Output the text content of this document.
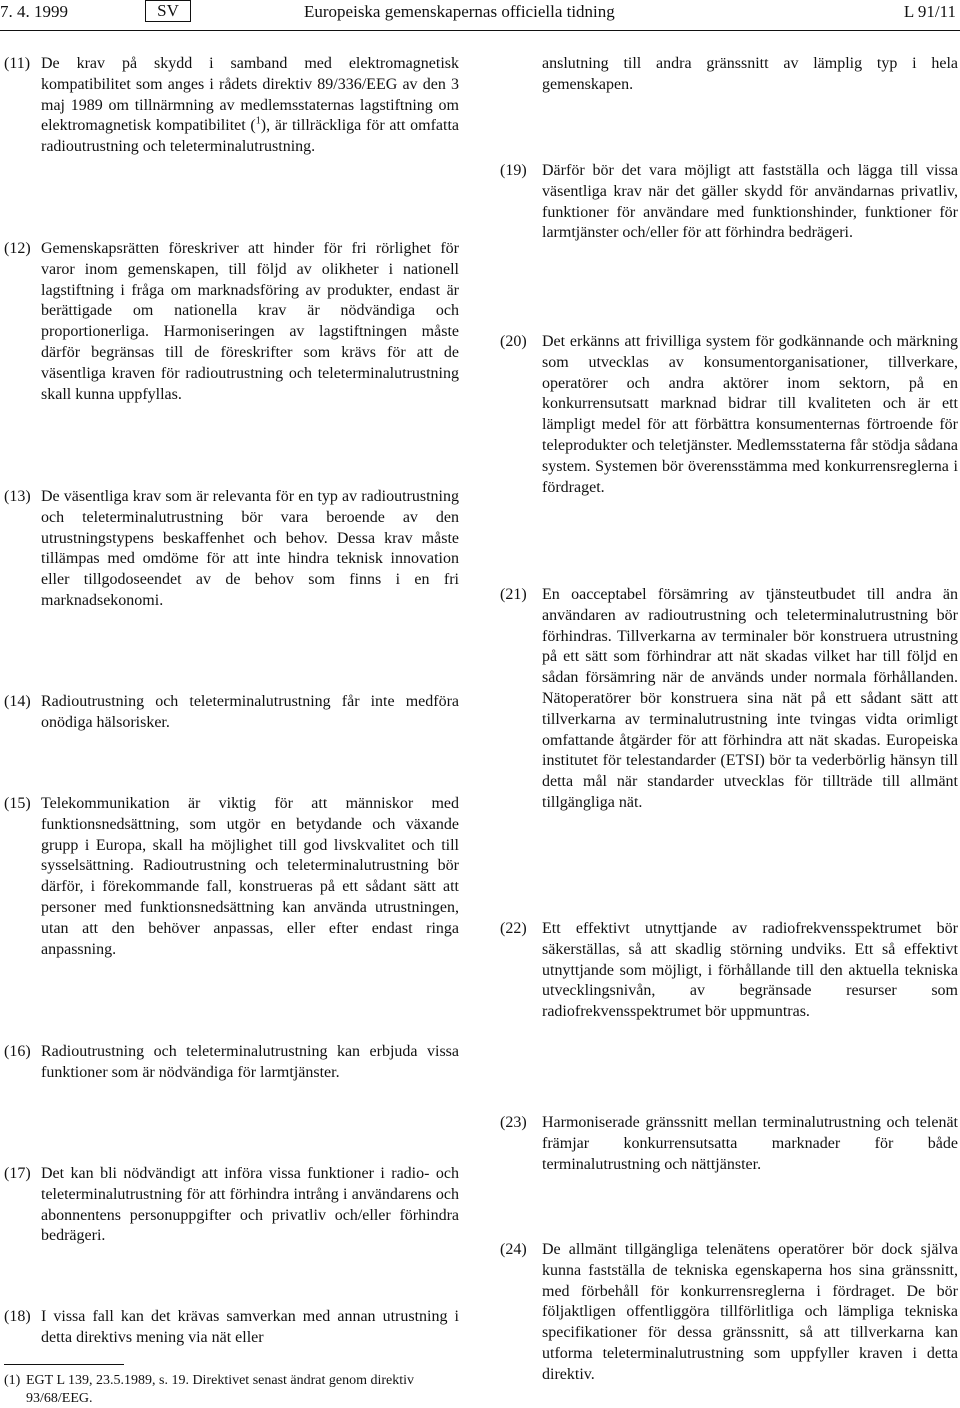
7. 4. 1999	SV	Europeiska gemenskapernas officiella tidning	L 91/11
(11) De krav på skydd i samband med elektromagnetisk kompatibilitet som anges i rådets direktiv 89/336/EEG av den 3 maj 1989 om tillnärmning av medlemsstaternas lagstiftning om elektromagnetisk kompatibilitet ($^1$), är tillräckliga för att omfatta radioutrustning och teleterminalutrustning.
(12) Gemenskapsrätten föreskriver att hinder för fri rörlighet för varor inom gemenskapen, till följd av olikheter i nationell lagstiftning i fråga om marknadsföring av produkter, endast är berättigade om nationella krav är nödvändiga och proportionerliga. Harmoniseringen av lagstiftningen måste därför begränsas till de föreskrifter som krävs för att de väsentliga kraven för radioutrustning och teleterminalutrustning skall kunna uppfyllas.
(13) De väsentliga krav som är relevanta för en typ av radioutrustning och teleterminalutrustning bör vara beroende av den utrustningstypens beskaffenhet och behov. Dessa krav måste tillämpas med omdöme för att inte hindra teknisk innovation eller tillgodoseendet av de behov som finns i en fri marknadsekonomi.
(14) Radioutrustning och teleterminalutrustning får inte medföra onödiga hälsorisker.
(15) Telekommunikation är viktig för att människor med funktionsnedsättning, som utgör en betydande och växande grupp i Europa, skall ha möjlighet till god livskvalitet och till sysselsättning. Radioutrustning och teleterminalutrustning bör därför, i förekommande fall, konstrueras på ett sådant sätt att personer med funktionsnedsättning kan använda utrustningen, utan att den behöver anpassas, eller efter endast ringa anpassning.
(16) Radioutrustning och teleterminalutrustning kan erbjuda vissa funktioner som är nödvändiga för larmtjänster.
(17) Det kan bli nödvändigt att införa vissa funktioner i radio- och teleterminalutrustning för att förhindra intrång i användarens och abonnentens personuppgifter och privatliv och/eller förhindra bedrägeri.
(18) I vissa fall kan det krävas samverkan med annan utrustning i detta direktivs mening via nät eller
anslutning till andra gränssnitt av lämplig typ i hela gemenskapen.
(19) Därför bör det vara möjligt att fastställa och lägga till vissa väsentliga krav när det gäller skydd för användarnas privatliv, funktioner för användare med funktionshinder, funktioner för larmtjänster och/eller för att förhindra bedrägeri.
(20) Det erkänns att frivilliga system för godkännande och märkning som utvecklas av konsumentorganisationer, tillverkare, operatörer och andra aktörer inom sektorn, på en konkurrensutsatt marknad bidrar till kvaliteten och är ett lämpligt medel för att förbättra konsumenternas förtroende för teleprodukter och teletjänster. Medlemsstaterna får stödja sådana system. Systemen bör överensstämma med konkurrensreglerna i fördraget.
(21) En oacceptabel försämring av tjänsteutbudet till andra än användaren av radioutrustning och teleterminalutrustning bör förhindras. Tillverkarna av terminaler bör konstruera utrustning på ett sätt som förhindrar att nät skadas vilket har till följd en sådan försämring när de används under normala förhållanden. Nätoperatörer bör konstruera sina nät på ett sådant sätt att tillverkarna av terminalutrustning inte tvingas vidta orimligt omfattande åtgärder för att förhindra att nät skadas. Europeiska institutet för telestandarder (ETSI) bör ta vederbörlig hänsyn till detta mål när standarder utvecklas för tillträde till allmänt tillgängliga nät.
(22) Ett effektivt utnyttjande av radiofrekvensspektrumet bör säkerställas, så att skadlig störning undviks. Ett så effektivt utnyttjande som möjligt, i förhållande till den aktuella tekniska utvecklingsnivån, av begränsade resurser som radiofrekvensspektrumet bör uppmuntras.
(23) Harmoniserade gränssnitt mellan terminalutrustning och telenät främjar konkurrensutsatta marknader för både terminalutrustning och nättjänster.
(24) De allmänt tillgängliga telenätens operatörer bör dock själva kunna fastställa de tekniska egenskaperna hos sina gränssnitt, med förbehåll för konkurrensreglerna i fördraget. De bör följaktligen offentliggöra tillförlitliga och lämpliga tekniska specifikationer för dessa gränssnitt, så att tillverkarna kan utforma teleterminalutrustning som uppfyller kraven i detta direktiv.
(1) EGT L 139, 23.5.1989, s. 19. Direktivet senast ändrat genom direktiv 93/68/EEG.
